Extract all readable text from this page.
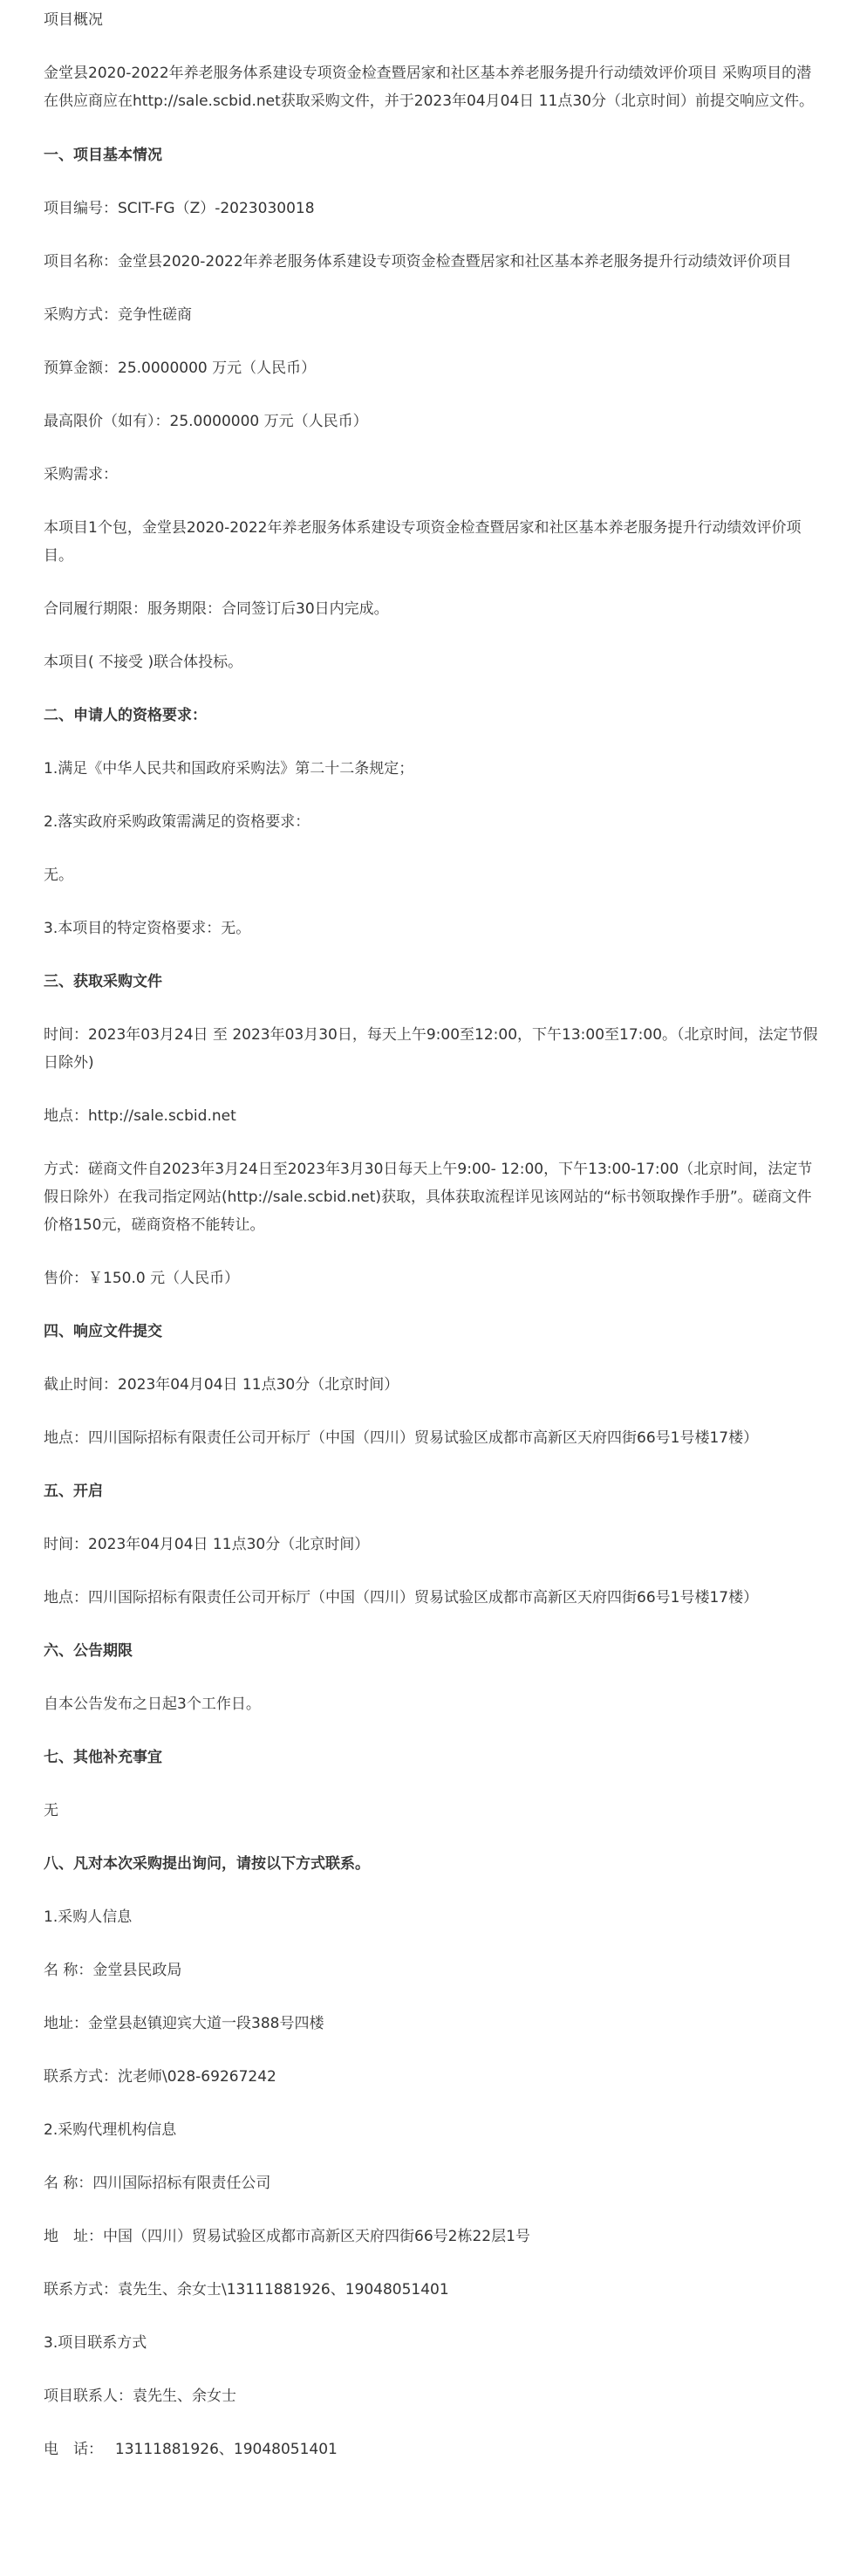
项目概况

金堂县2020-2022年养老服务体系建设专项资金检查暨居家和社区基本养老服务提升行动绩效评价项目 采购项目的潜在供应商应在http://sale.scbid.net获取采购文件，并于2023年04月04日 11点30分（北京时间）前提交响应文件。

一、项目基本情况

项目编号：SCIT-FG（Z）-2023030018

项目名称：金堂县2020-2022年养老服务体系建设专项资金检查暨居家和社区基本养老服务提升行动绩效评价项目

采购方式：竞争性磋商

预算金额：25.0000000 万元（人民币）

最高限价（如有）：25.0000000 万元（人民币）

采购需求：

本项目1个包，金堂县2020-2022年养老服务体系建设专项资金检查暨居家和社区基本养老服务提升行动绩效评价项目。

合同履行期限：服务期限：合同签订后30日内完成。

本项目( 不接受 )联合体投标。

二、申请人的资格要求：

1.满足《中华人民共和国政府采购法》第二十二条规定；

2.落实政府采购政策需满足的资格要求：

无。

3.本项目的特定资格要求：无。

三、获取采购文件

时间：2023年03月24日 至 2023年03月30日，每天上午9:00至12:00，下午13:00至17:00。（北京时间，法定节假日除外)

地点：http://sale.scbid.net

方式：磋商文件自2023年3月24日至2023年3月30日每天上午9:00- 12:00，下午13:00-17:00（北京时间，法定节假日除外）在我司指定网站(http://sale.scbid.net)获取，具体获取流程详见该网站的“标书领取操作手册”。磋商文件价格150元，磋商资格不能转让。

售价：￥150.0 元（人民币）

四、响应文件提交

截止时间：2023年04月04日 11点30分（北京时间）

地点：四川国际招标有限责任公司开标厅（中国（四川）贸易试验区成都市高新区天府四街66号1号楼17楼）

五、开启

时间：2023年04月04日 11点30分（北京时间）

地点：四川国际招标有限责任公司开标厅（中国（四川）贸易试验区成都市高新区天府四街66号1号楼17楼）

六、公告期限

自本公告发布之日起3个工作日。

七、其他补充事宜

无

八、凡对本次采购提出询问，请按以下方式联系。

1.采购人信息

名 称：金堂县民政局

地址：金堂县赵镇迎宾大道一段388号四楼

联系方式：沈老师\028-69267242

2.采购代理机构信息

名 称：四川国际招标有限责任公司

地　址：中国（四川）贸易试验区成都市高新区天府四街66号2栋22层1号

联系方式：袁先生、余女士\13111881926、19048051401

3.项目联系方式

项目联系人：袁先生、余女士

电　话：　 13111881926、19048051401
